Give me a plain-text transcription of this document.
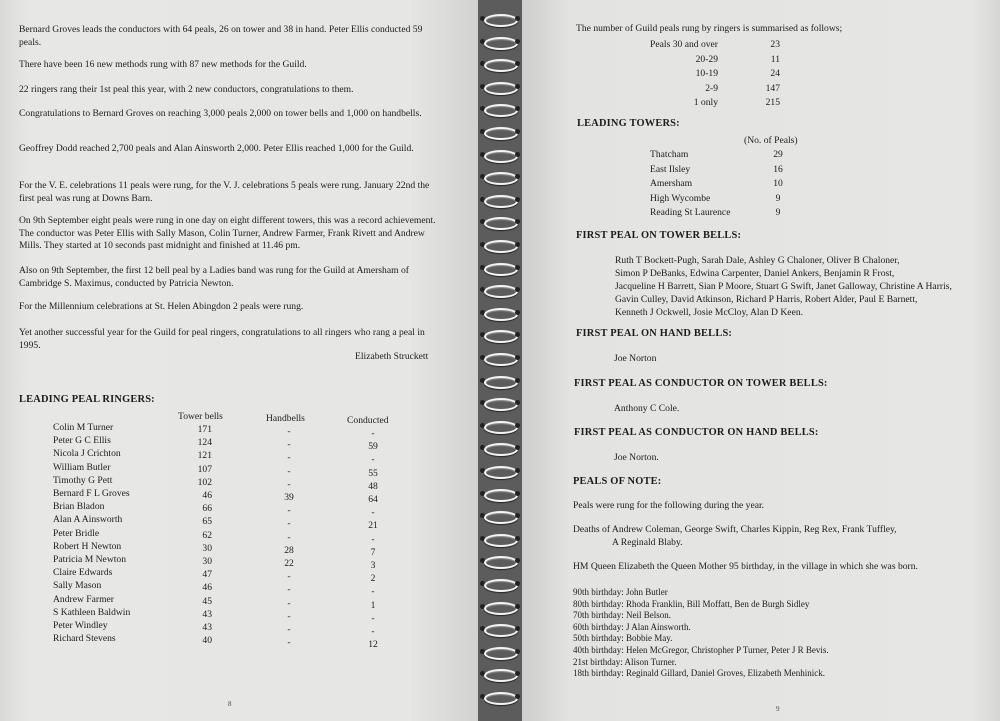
Bernard Groves leads the conductors with 64 peals, 26 on tower and 38 in hand. Peter Ellis conducted 59 peals.
There have been 16 new methods rung with 87 new methods for the Guild.
22 ringers rang their 1st peal this year, with 2 new conductors, congratulations to them.
Congratulations to Bernard Groves on reaching 3,000 peals 2,000 on tower bells and 1,000 on handbells.
Geoffrey Dodd reached 2,700 peals and Alan Ainsworth 2,000. Peter Ellis reached 1,000 for the Guild.
For the V. E. celebrations 11 peals were rung, for the V. J. celebrations 5 peals were rung. January 22nd the first peal was rung at Downs Barn.
On 9th September eight peals were rung in one day on eight different towers, this was a record achievement. The conductor was Peter Ellis with Sally Mason, Colin Turner, Andrew Farmer, Frank Rivett and Andrew Mills. They started at 10 seconds past midnight and finished at 11.46 pm.
Also on 9th September, the first 12 bell peal by a Ladies band was rung for the Guild at Amersham of Cambridge S. Maximus, conducted by Patricia Newton.
For the Millennium celebrations at St. Helen Abingdon 2 peals were rung.
Yet another successful year for the Guild for peal ringers, congratulations to all ringers who rang a peal in 1995.
Elizabeth Struckett
LEADING PEAL RINGERS:
Tower bells	Handbells	Conducted
Colin M Turner	171	-	-
Peter G C Ellis	124	-	59
Nicola J Crichton	121	-	-
William Butler	107	-	55
Timothy G Pett	102	-	48
Bernard F L Groves	46	39	64
Brian Bladon	66	-	-
Alan A Ainsworth	65	-	21
Peter Bridle	62	-	-
Robert H Newton	30	28	7
Patricia M Newton	30	22	3
Claire Edwards	47	-	2
Sally Mason	46	-	-
Andrew Farmer	45	-	1
S Kathleen Baldwin	43	-	-
Peter Windley	43	-	-
Richard Stevens	40	-	12
8
The number of Guild peals rung by ringers is summarised as follows;
Peals 30 and over	23
20-29	11
10-19	24
2-9	147
1 only	215
LEADING TOWERS:
(No. of Peals)
Thatcham	29
East Ilsley	16
Amersham	10
High Wycombe	9
Reading St Laurence	9
FIRST PEAL ON TOWER BELLS:
Ruth T Bockett-Pugh, Sarah Dale, Ashley G Chaloner, Oliver B Chaloner,
Simon P DeBanks, Edwina Carpenter, Daniel Ankers, Benjamin R Frost,
Jacqueline H Barrett, Sian P Moore, Stuart G Swift, Janet Galloway, Christine A Harris,
Gavin Culley, David Atkinson, Richard P Harris, Robert Alder, Paul E Barnett,
Kenneth J Ockwell, Josie McCloy, Alan D Keen.
FIRST PEAL ON HAND BELLS:
Joe Norton
FIRST PEAL AS CONDUCTOR ON TOWER BELLS:
Anthony C Cole.
FIRST PEAL AS CONDUCTOR ON HAND BELLS:
Joe Norton.
PEALS OF NOTE:
Peals were rung for the following during the year.
Deaths of Andrew Coleman, George Swift, Charles Kippin, Reg Rex, Frank Tuffley,
A Reginald Blaby.
HM Queen Elizabeth the Queen Mother 95 birthday, in the village in which she was born.
90th birthday: John Butler
80th birthday: Rhoda Franklin, Bill Moffatt, Ben de Burgh Sidley
70th birthday: Neil Belson.
60th birthday: J Alan Ainsworth.
50th birthday: Bobbie May.
40th birthday: Helen McGregor, Christopher P Turner, Peter J R Bevis.
21st birthday: Alison Turner.
18th birthday: Reginald Gillard, Daniel Groves, Elizabeth Menhinick.
9
